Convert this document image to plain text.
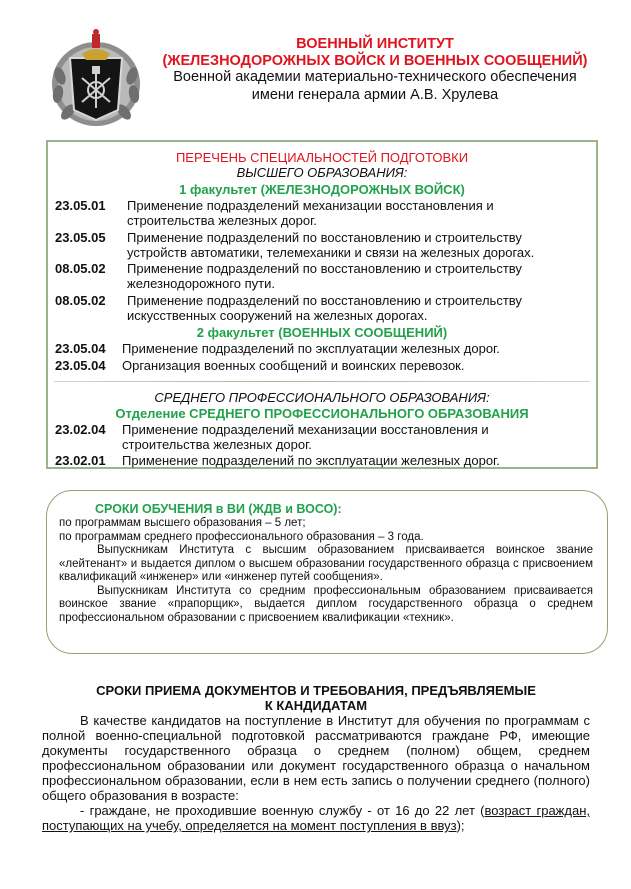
ВОЕННЫЙ ИНСТИТУТ
(ЖЕЛЕЗНОДОРОЖНЫХ ВОЙСК И ВОЕННЫХ СООБЩЕНИЙ)
Военной академии материально-технического обеспечения
имени генерала армии А.В. Хрулева
ПЕРЕЧЕНЬ СПЕЦИАЛЬНОСТЕЙ ПОДГОТОВКИ
ВЫСШЕГО ОБРАЗОВАНИЯ:
1 факультет (ЖЕЛЕЗНОДОРОЖНЫХ ВОЙСК)
23.05.01	Применение подразделений механизации восстановления и
строительства железных дорог.
23.05.05	Применение подразделений по восстановлению и строительству
устройств автоматики, телемеханики и связи на железных дорогах.
08.05.02	Применение подразделений по восстановлению и строительству
железнодорожного пути.
08.05.02	Применение подразделений по восстановлению и строительству
искусственных сооружений на железных дорогах.
2 факультет (ВОЕННЫХ СООБЩЕНИЙ)
23.05.04	Применение подразделений по эксплуатации железных дорог.
23.05.04	Организация военных сообщений и воинских перевозок.
СРЕДНЕГО ПРОФЕССИОНАЛЬНОГО ОБРАЗОВАНИЯ:
Отделение СРЕДНЕГО ПРОФЕССИОНАЛЬНОГО ОБРАЗОВАНИЯ
23.02.04	Применение подразделений механизации восстановления и
строительства железных дорог.
23.02.01	Применение подразделений по эксплуатации железных дорог.
СРОКИ ОБУЧЕНИЯ в ВИ (ЖДВ и ВОСО):
по программам высшего образования – 5 лет;
по программам среднего профессионального образования – 3 года.
Выпускникам Института с высшим образованием присваивается воинское звание «лейтенант» и выдается диплом о высшем образовании государственного образца с присвоением квалификаций «инженер» или «инженер путей сообщения».
Выпускникам Института со средним профессиональным образованием присваивается воинское звание «прапорщик», выдается диплом государственного образца о среднем профессиональном образовании с присвоением квалификации «техник».
СРОКИ ПРИЕМА ДОКУМЕНТОВ И ТРЕБОВАНИЯ, ПРЕДЪЯВЛЯЕМЫЕ
К КАНДИДАТАМ
В качестве кандидатов на поступление в Институт для обучения по программам с полной военно-специальной подготовкой рассматриваются граждане РФ, имеющие документы государственного образца о среднем (полном) общем, среднем профессиональном образовании или документ государственного образца о начальном профессиональном образовании, если в нем есть запись о получении среднего (полного) общего образования в возрасте:
- граждане, не проходившие военную службу - от 16 до 22 лет (возраст граждан, поступающих на учебу, определяется на момент поступления в ввуз);
